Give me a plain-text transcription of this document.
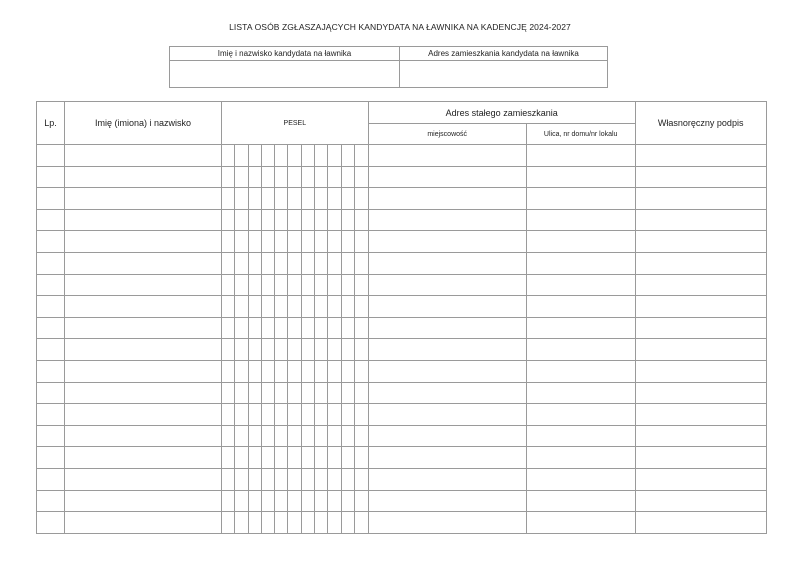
LISTA OSÓB ZGŁASZAJĄCYCH KANDYDATA NA ŁAWNIKA NA KADENCJĘ 2024-2027
Imię i nazwisko kandydata na ławnika	Adres zamieszkania kandydata na ławnika

Lp.	Imię (imiona) i nazwisko	PESEL											Adres stałego zamieszkania		Własnoręczny podpis
													miejscowość	Ulica, nr domu/nr lokalu	
